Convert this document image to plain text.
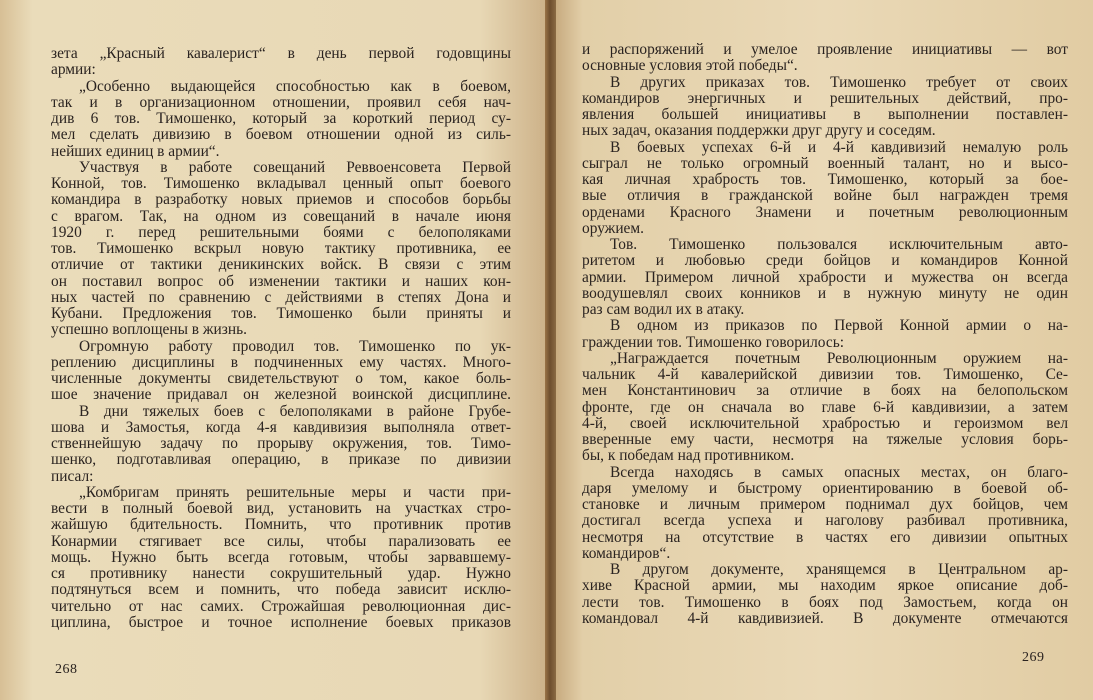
зета „Красный кавалерист“ в день первой годовщины
армии:
„Особенно выдающейся способностью как в боевом,
так и в организационном отношении, проявил себя нач-
див 6 тов. Тимошенко, который за короткий период су-
мел сделать дивизию в боевом отношении одной из силь-
нейших единиц в армии“.
Участвуя в работе совещаний Реввоенсовета Первой
Конной, тов. Тимошенко вкладывал ценный опыт боевого
командира в разработку новых приемов и способов борьбы
с врагом. Так, на одном из совещаний в начале июня
1920 г. перед решительными боями с белополяками
тов. Тимошенко вскрыл новую тактику противника, ее
отличие от тактики деникинских войск. В связи с этим
он поставил вопрос об изменении тактики и наших кон-
ных частей по сравнению с действиями в степях Дона и
Кубани. Предложения тов. Тимошенко были приняты и
успешно воплощены в жизнь.
Огромную работу проводил тов. Тимошенко по ук-
реплению дисциплины в подчиненных ему частях. Много-
численные документы свидетельствуют о том, какое боль-
шое значение придавал он железной воинской дисциплине.
В дни тяжелых боев с белополяками в районе Грубе-
шова и Замостья, когда 4-я кавдивизия выполняла ответ-
ственнейшую задачу по прорыву окружения, тов. Тимо-
шенко, подготавливая операцию, в приказе по дивизии
писал:
„Комбригам принять решительные меры и части при-
вести в полный боевой вид, установить на участках стро-
жайшую бдительность. Помнить, что противник против
Конармии стягивает все силы, чтобы парализовать ее
мощь. Нужно быть всегда готовым, чтобы зарвавшему-
ся противнику нанести сокрушительный удар. Нужно
подтянуться всем и помнить, что победа зависит исклю-
чительно от нас самих. Строжайшая революционная дис-
циплина, быстрое и точное исполнение боевых приказов
268
и распоряжений и умелое проявление инициативы — вот
основные условия этой победы“.
В других приказах тов. Тимошенко требует от своих
командиров энергичных и решительных действий, про-
явления большей инициативы в выполнении поставлен-
ных задач, оказания поддержки друг другу и соседям.
В боевых успехах 6-й и 4-й кавдивизий немалую роль
сыграл не только огромный военный талант, но и высо-
кая личная храбрость тов. Тимошенко, который за бое-
вые отличия в гражданской войне был награжден тремя
орденами Красного Знамени и почетным революционным
оружием.
Тов. Тимошенко пользовался исключительным авто-
ритетом и любовью среди бойцов и командиров Конной
армии. Примером личной храбрости и мужества он всегда
воодушевлял своих конников и в нужную минуту не один
раз сам водил их в атаку.
В одном из приказов по Первой Конной армии о на-
граждении тов. Тимошенко говорилось:
„Награждается почетным Революционным оружием на-
чальник 4-й кавалерийской дивизии тов. Тимошенко, Се-
мен Константинович за отличие в боях на белопольском
фронте, где он сначала во главе 6-й кавдивизии, а затем
4-й, своей исключительной храбростью и героизмом вел
вверенные ему части, несмотря на тяжелые условия борь-
бы, к победам над противником.
Всегда находясь в самых опасных местах, он благо-
даря умелому и быстрому ориентированию в боевой об-
становке и личным примером поднимал дух бойцов, чем
достигал всегда успеха и наголову разбивал противника,
несмотря на отсутствие в частях его дивизии опытных
командиров“.
В другом документе, хранящемся в Центральном ар-
хиве Красной армии, мы находим яркое описание доб-
лести тов. Тимошенко в боях под Замостьем, когда он
командовал 4-й кавдивизией. В документе отмечаются
269
